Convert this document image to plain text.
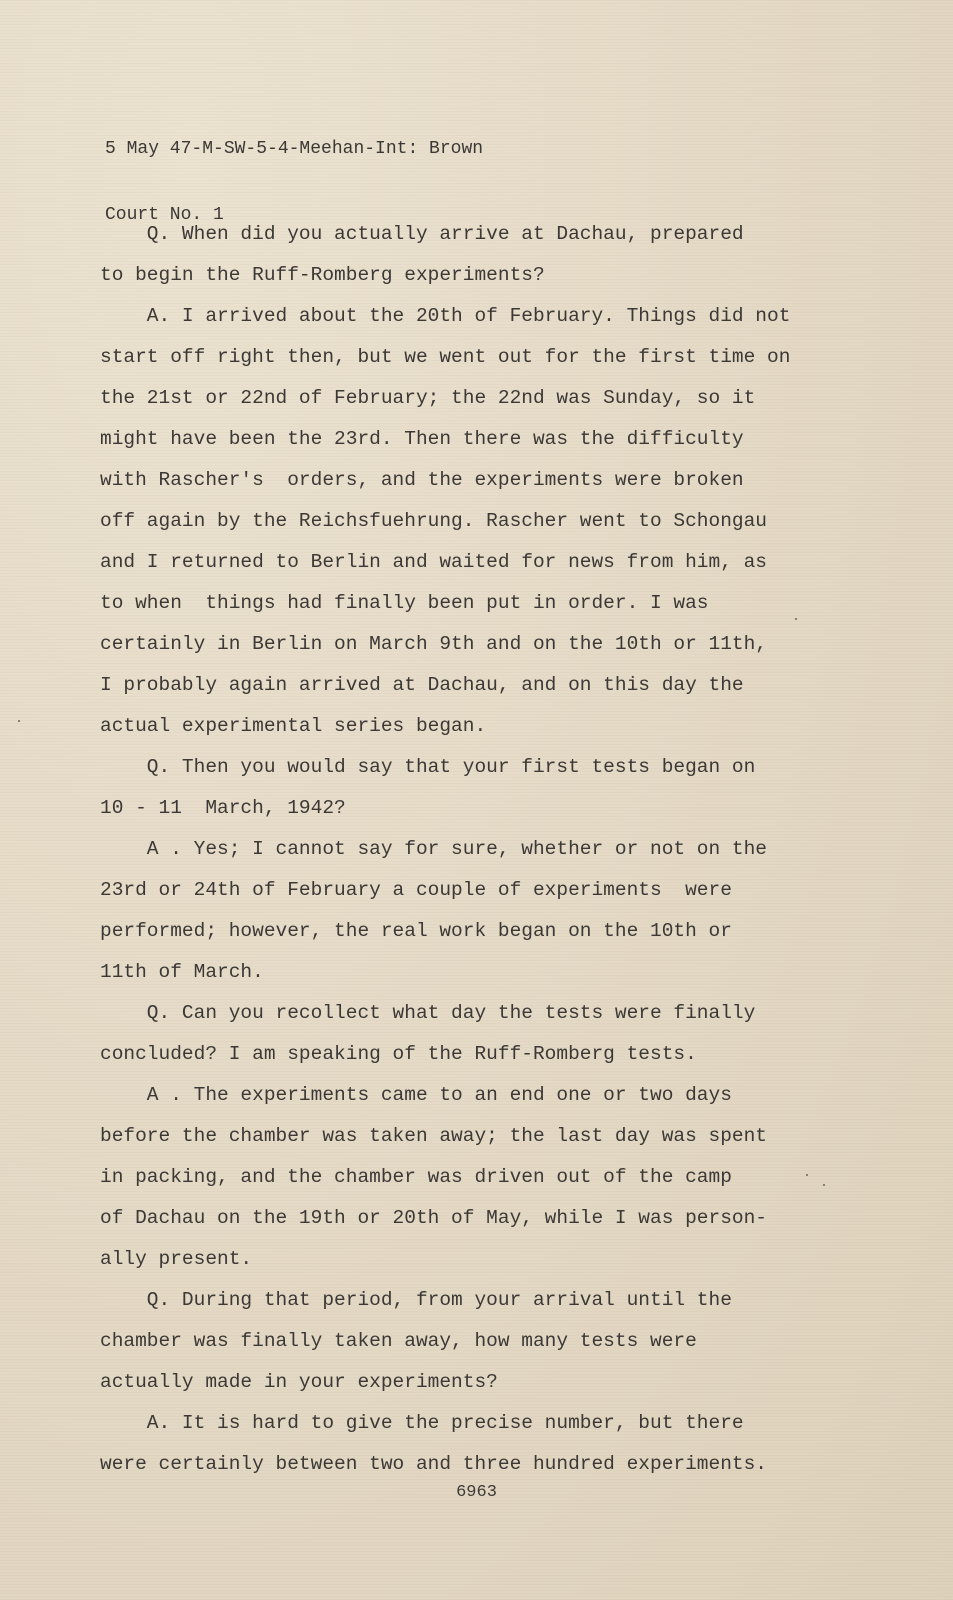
5 May 47-M-SW-5-4-Meehan-Int: Brown

Court No. 1

Q. When did you actually arrive at Dachau, prepared
to begin the Ruff-Romberg experiments?
A. I arrived about the 20th of February. Things did not
start off right then, but we went out for the first time on
the 21st or 22nd of February; the 22nd was Sunday, so it
might have been the 23rd. Then there was the difficulty
with Rascher's  orders, and the experiments were broken
off again by the Reichsfuehrung. Rascher went to Schongau
and I returned to Berlin and waited for news from him, as
to when  things had finally been put in order. I was
certainly in Berlin on March 9th and on the 10th or 11th,
I probably again arrived at Dachau, and on this day the
actual experimental series began.
Q. Then you would say that your first tests began on
10 - 11  March, 1942?
A . Yes; I cannot say for sure, whether or not on the
23rd or 24th of February a couple of experiments  were
performed; however, the real work began on the 10th or
11th of March.
Q. Can you recollect what day the tests were finally
concluded? I am speaking of the Ruff-Romberg tests.
A . The experiments came to an end one or two days
before the chamber was taken away; the last day was spent
in packing, and the chamber was driven out of the camp
of Dachau on the 19th or 20th of May, while I was person-
ally present.
Q. During that period, from your arrival until the
chamber was finally taken away, how many tests were
actually made in your experiments?
A. It is hard to give the precise number, but there
were certainly between two and three hundred experiments.
6963
